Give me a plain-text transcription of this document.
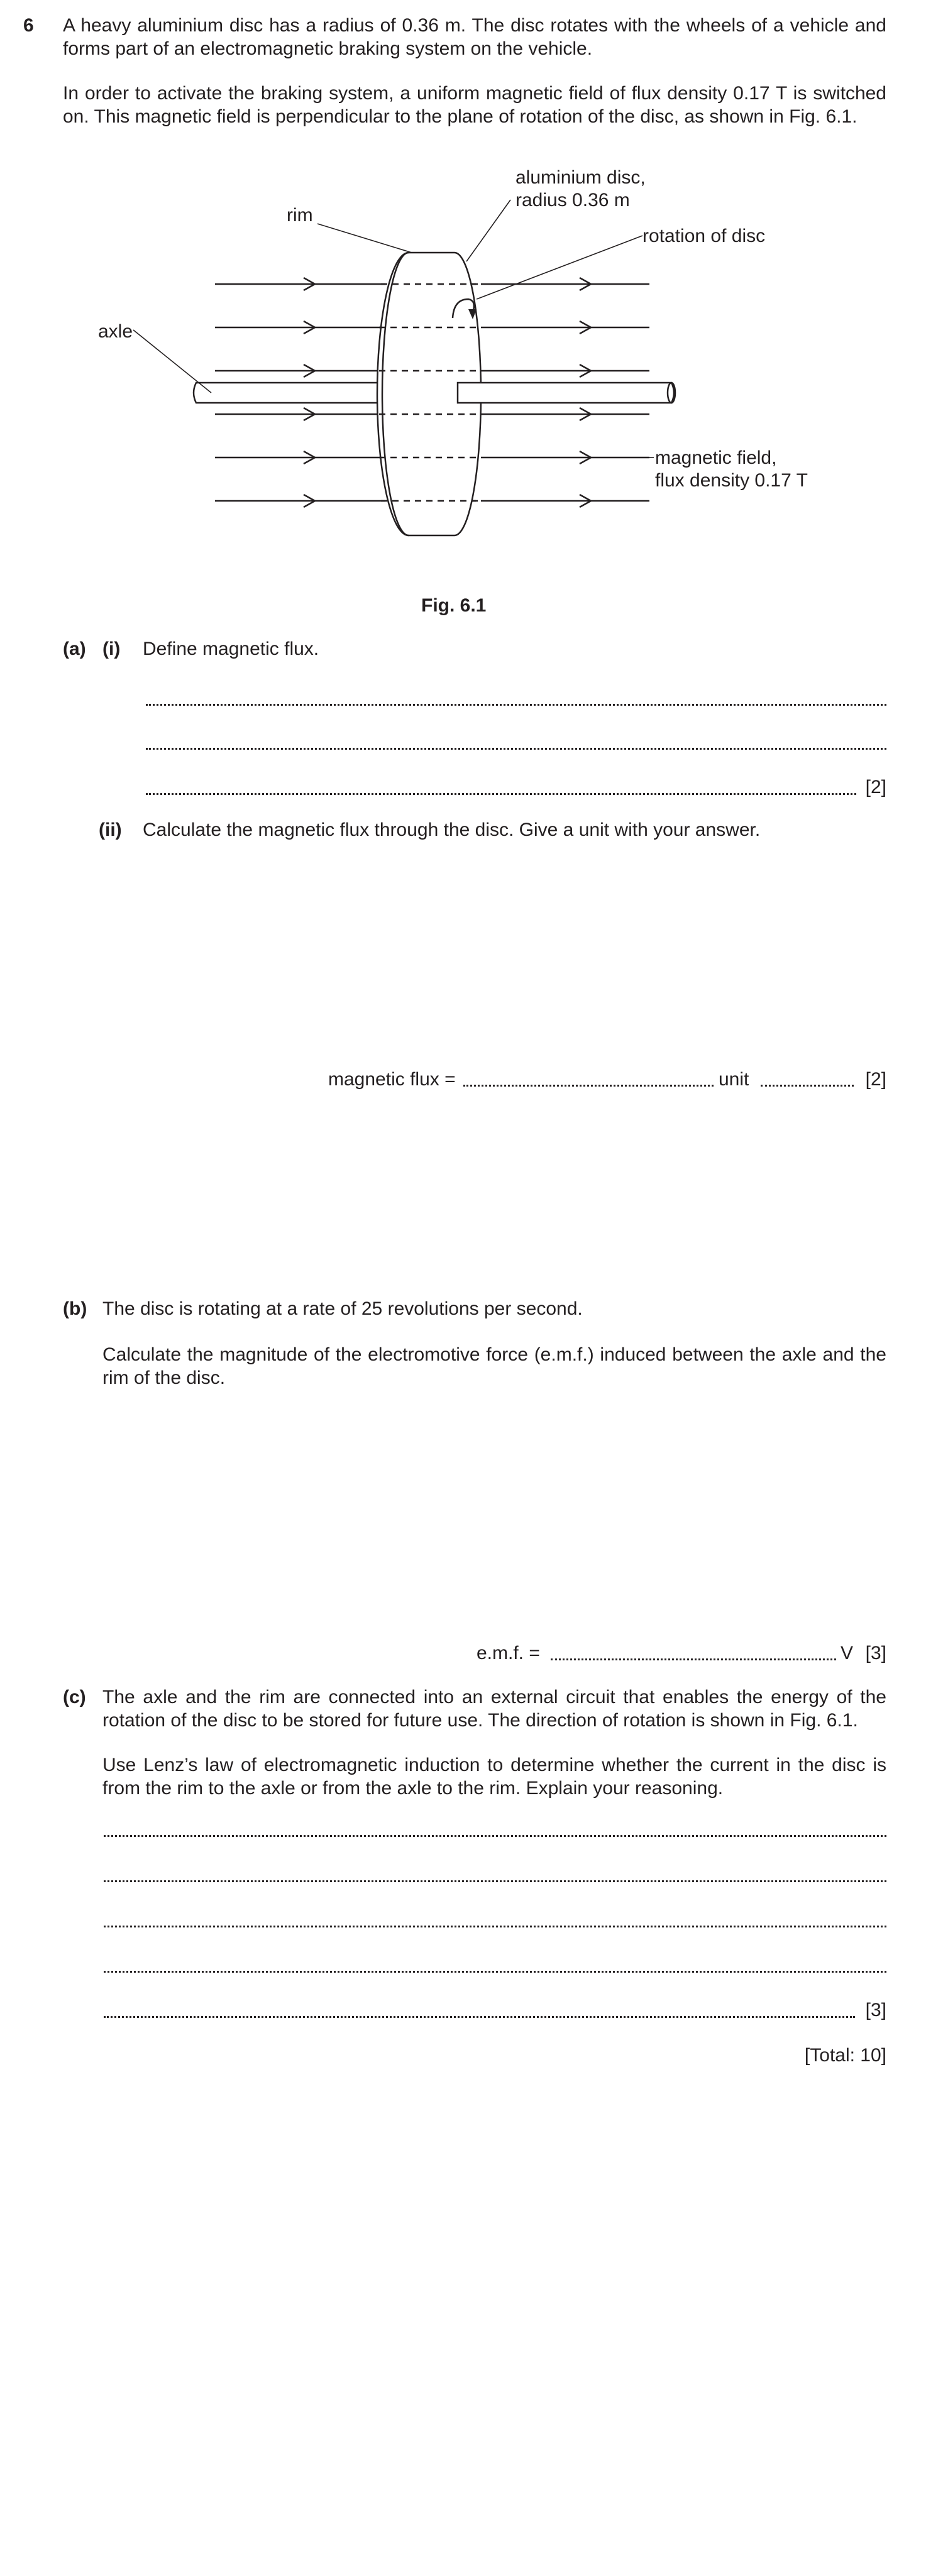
6 A heavy aluminium disc has a radius of 0.36 m. The disc rotates with the wheels of a vehicle and forms part of an electromagnetic braking system on the vehicle.
In order to activate the braking system, a uniform magnetic field of flux density 0.17 T is switched on. This magnetic field is perpendicular to the plane of rotation of the disc, as shown in Fig. 6.1.
rim
aluminium disc,
radius 0.36 m
rotation of disc
axle
magnetic field,
flux density 0.17 T
Fig. 6.1
(a) (i) Define magnetic flux.
[2]
(ii) Calculate the magnetic flux through the disc. Give a unit with your answer.
magnetic flux =	unit	[2]
(b) The disc is rotating at a rate of 25 revolutions per second.
Calculate the magnitude of the electromotive force (e.m.f.) induced between the axle and the rim of the disc.
e.m.f. =	V [3]
(c) The axle and the rim are connected into an external circuit that enables the energy of the rotation of the disc to be stored for future use. The direction of rotation is shown in Fig. 6.1.
Use Lenz’s law of electromagnetic induction to determine whether the current in the disc is from the rim to the axle or from the axle to the rim. Explain your reasoning.
[3]
[Total: 10]
